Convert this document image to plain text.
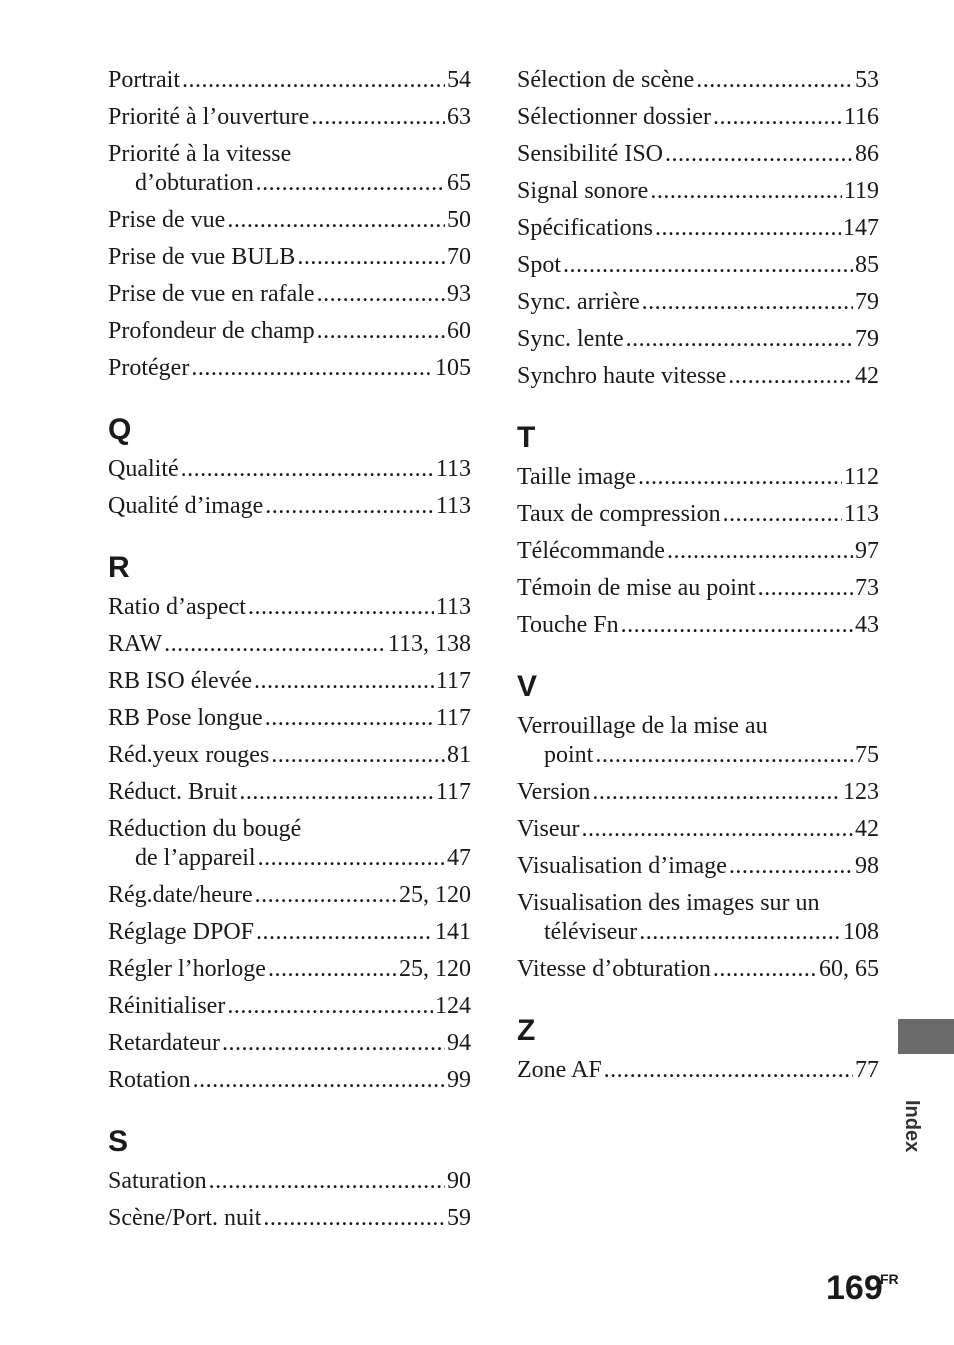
Portrait .....	54
Priorité à l’ouverture .....	63
Priorité à la vitesse
d’obturation .....	65
Prise de vue .....	50
Prise de vue BULB .....	70
Prise de vue en rafale .....	93
Profondeur de champ .....	60
Protéger .....	105
Q
Qualité .....	113
Qualité d’image .....	113
R
Ratio d’aspect .....	113
RAW .....	113, 138
RB ISO élevée .....	117
RB Pose longue .....	117
Réd.yeux rouges .....	81
Réduct. Bruit .....	117
Réduction du bougé
de l’appareil .....	47
Rég.date/heure .....	25, 120
Réglage DPOF .....	141
Régler l’horloge .....	25, 120
Réinitialiser .....	124
Retardateur .....	94
Rotation .....	99
S
Saturation .....	90
Scène/Port. nuit .....	59
Sélection de scène .....	53
Sélectionner dossier .....	116
Sensibilité ISO .....	86
Signal sonore .....	119
Spécifications .....	147
Spot .....	85
Sync. arrière .....	79
Sync. lente .....	79
Synchro haute vitesse .....	42
T
Taille image .....	112
Taux de compression .....	113
Télécommande .....	97
Témoin de mise au point .....	73
Touche Fn .....	43
V
Verrouillage de la mise au
point .....	75
Version .....	123
Viseur .....	42
Visualisation d’image .....	98
Visualisation des images sur un
téléviseur .....	108
Vitesse d’obturation .....	60, 65
Z
Zone AF .....	77
Index
169
FR
